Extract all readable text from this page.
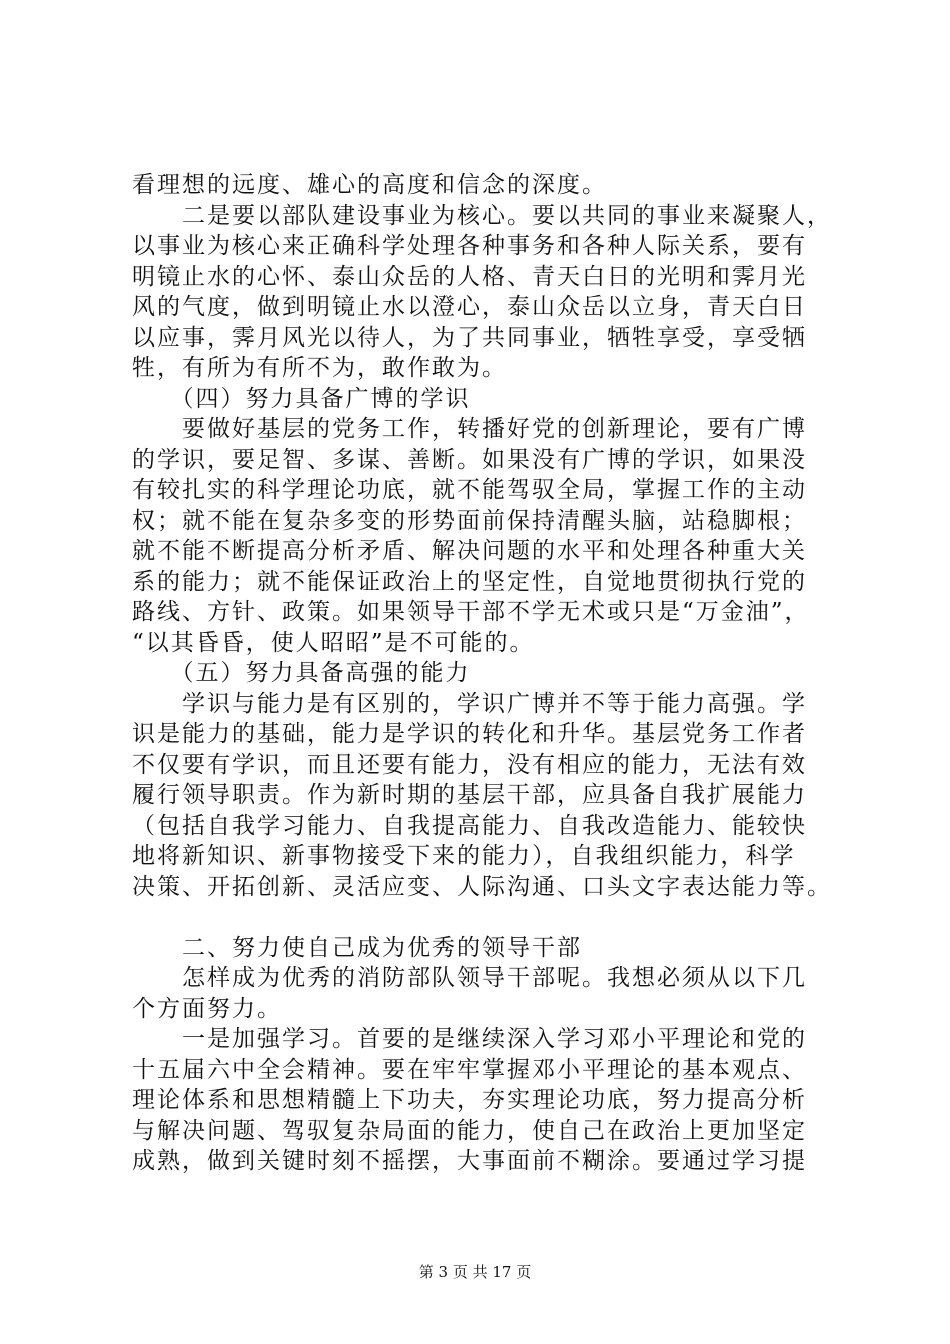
看理想的远度、雄心的高度和信念的深度。
　　二是要以部队建设事业为核心。要以共同的事业来凝聚人，
以事业为核心来正确科学处理各种事务和各种人际关系，要有
明镜止水的心怀、泰山众岳的人格、青天白日的光明和霁月光
风的气度，做到明镜止水以澄心，泰山众岳以立身，青天白日
以应事，霁月风光以待人，为了共同事业，牺牲享受，享受牺
牲，有所为有所不为，敢作敢为。
　　（四）努力具备广博的学识
　　要做好基层的党务工作，转播好党的创新理论，要有广博
的学识，要足智、多谋、善断。如果没有广博的学识，如果没
有较扎实的科学理论功底，就不能驾驭全局，掌握工作的主动
权；就不能在复杂多变的形势面前保持清醒头脑，站稳脚根；
就不能不断提高分析矛盾、解决问题的水平和处理各种重大关
系的能力；就不能保证政治上的坚定性，自觉地贯彻执行党的
路线、方针、政策。如果领导干部不学无术或只是“万金油”，
“以其昏昏，使人昭昭”是不可能的。
　　（五）努力具备高强的能力
　　学识与能力是有区别的，学识广博并不等于能力高强。学
识是能力的基础，能力是学识的转化和升华。基层党务工作者
不仅要有学识，而且还要有能力，没有相应的能力，无法有效
履行领导职责。作为新时期的基层干部，应具备自我扩展能力
（包括自我学习能力、自我提高能力、自我改造能力、能较快
地将新知识、新事物接受下来的能力），自我组织能力，科学
决策、开拓创新、灵活应变、人际沟通、口头文字表达能力等。
　　二、努力使自己成为优秀的领导干部
　　怎样成为优秀的消防部队领导干部呢。我想必须从以下几
个方面努力。
　　一是加强学习。首要的是继续深入学习邓小平理论和党的
十五届六中全会精神。要在牢牢掌握邓小平理论的基本观点、
理论体系和思想精髓上下功夫，夯实理论功底，努力提高分析
与解决问题、驾驭复杂局面的能力，使自己在政治上更加坚定
成熟，做到关键时刻不摇摆，大事面前不糊涂。要通过学习提
第 3 页 共 17 页
